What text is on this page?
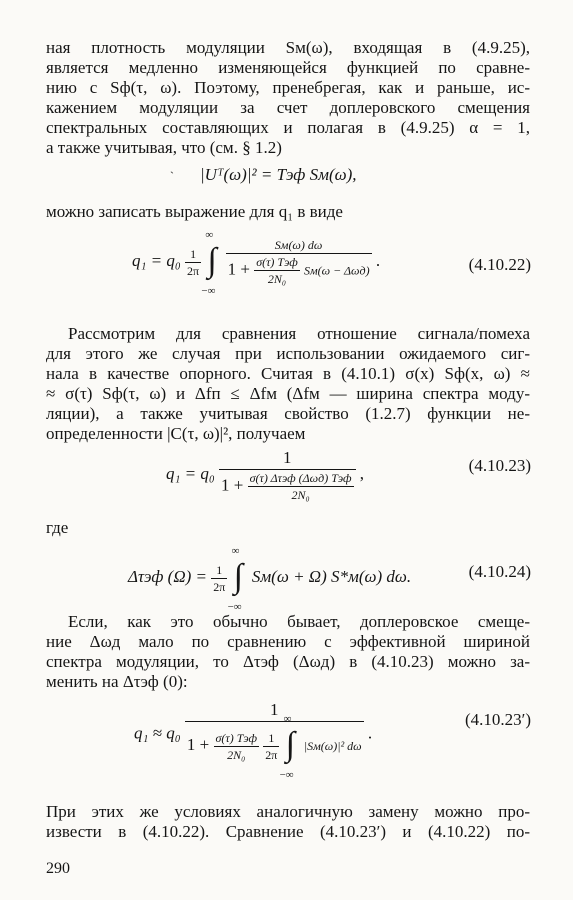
ная плотность модуляции Sм(ω), входящая в (4.9.25),
является медленно изменяющейся функцией по сравне-
нию с Sф(τ, ω). Поэтому, пренебрегая, как и раньше, ис-
кажением модуляции за счет доплеровского смещения
спектральных составляющих и полагая в (4.9.25) α = 1,
а также учитывая, что (см. § 1.2)
ˎ |Uᵀ(ω)|² = Tэф Sм(ω),
можно записать выражение для q₁ в виде
$q_1 = q_0 \frac{1}{2\pi}$

∞
∫
−∞

Sм(ω) dω
$1 + \frac{\text{σ(τ) Tэф}}{\text{2N₀}} Sм(\omega - \Delta\omega д)$
.	(4.10.22)
Рассмотрим для сравнения отношение сигнала/помеха
для этого же случая при использовании ожидаемого сиг-
нала в качестве опорного. Считая в (4.10.1) σ(x) Sф(x, ω) ≈
≈ σ(τ) Sф(τ, ω) и Δfп ≤ Δfм (Δfм — ширина спектра моду-
ляции), а также учитывая свойство (1.2.7) функции не-
определенности |C(τ, ω)|², получаем
$q_1 = q_0 \frac{1}{1 + \frac{\text{σ(τ) Δτэф (Δωд) Tэф}}{\text{2N₀}}}$ ,	(4.10.23)
где
Δτэф $(\Omega) = \frac{1}{2\pi}$

∞
∫
−∞
Sм(ω + Ω) S*м(ω) dω.	(4.10.24)
Если, как это обычно бывает, доплеровское смеще-
ние Δωд мало по сравнению с эффективной шириной
спектра модуляции, то Δτэф (Δωд) в (4.10.23) можно за-
менить на Δτэф (0):
q₁ ≈ q₀
1
$1 + \frac{\text{σ(τ) Tэф}}{\text{2N₀}}$
$\frac{1}{2\pi}$

∞
∫
−∞
|Sм(ω)|² dω
.
(4.10.23′)
При этих же условиях аналогичную замену можно про-
извести в (4.10.22). Сравнение (4.10.23′) и (4.10.22) по-
290
